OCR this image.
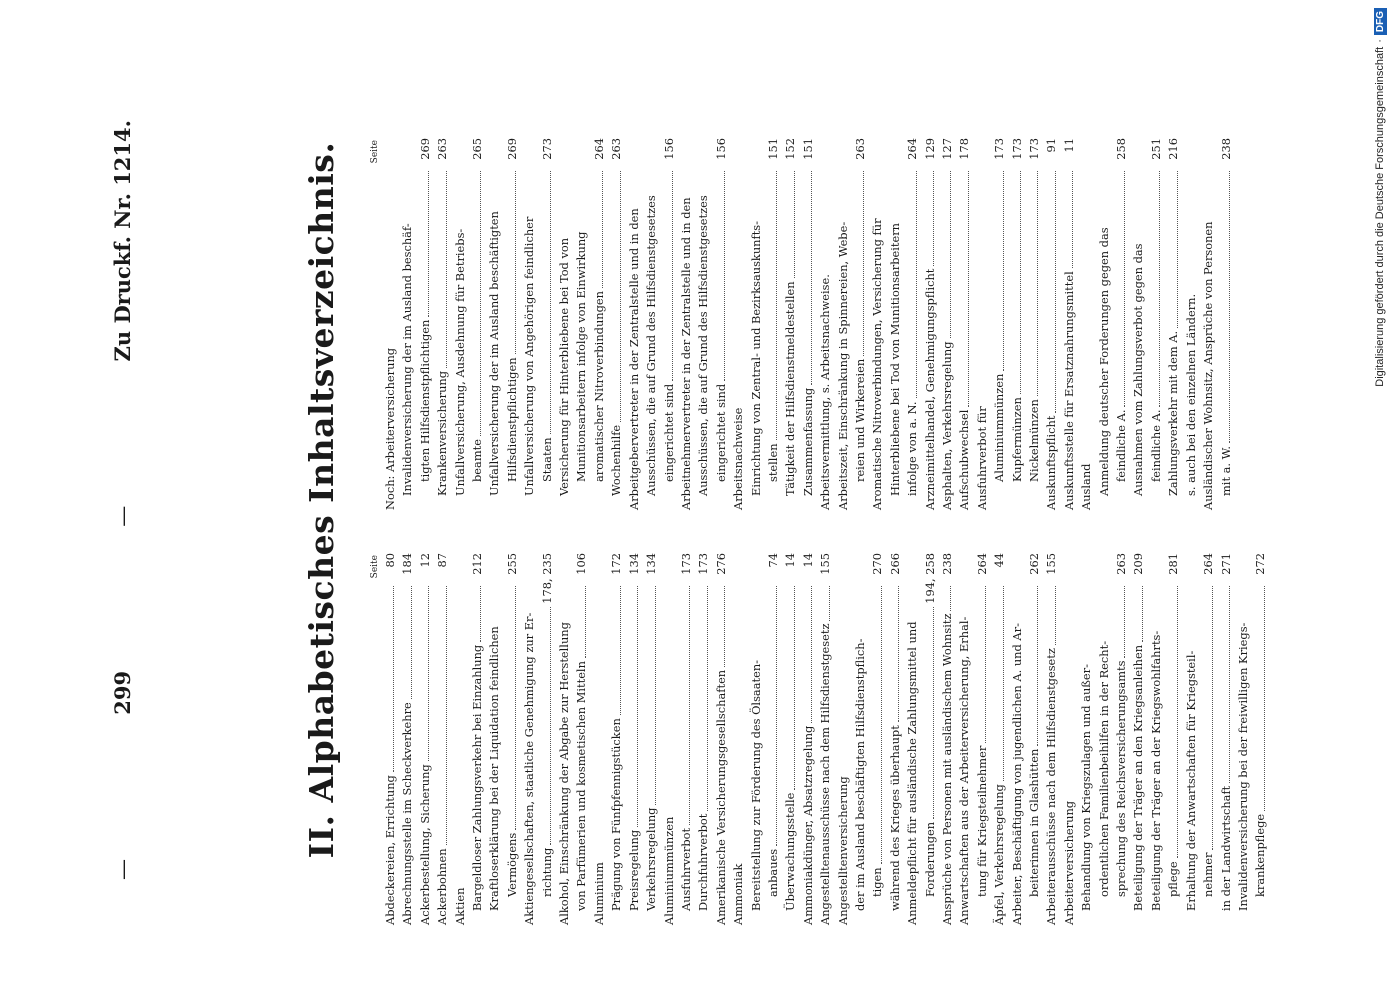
—
299
—
Zu Druckf. Nr. 1214.	II. Alphabetisches Inhaltsverzeichnis.	Seite
Abdeckereien, Errichtung
80
Abrechnungsstelle im Scheckverkehre
184
Ackerbestellung, Sicherung
12
Ackerbohnen
87
Aktien Bargeldloser Zahlungsverkehr bei Einzahlung
212
Kraftloserklärung bei der Liquidation feindlichen Vermögens
255
Aktiengesellschaften, staatliche Genehmigung zur Er- richtung
178, 235
Alkohol, Einschränkung der Abgabe zur Herstellung von Parfümerien und kosmetischen Mitteln
106
Aluminium Prägung von Fünfpfennigstücken
172
Preisregelung
134
Verkehrsregelung
134
Aluminiummünzen Ausfuhrverbot
173
Durchfuhrverbot
173
Amerikanische Versicherungsgesellschaften
276
Ammoniak Bereitstellung zur Förderung des Ölsaaten- anbaues
74
Überwachungsstelle
14
Ammoniakdünger, Absatzregelung
14
Angestelltenausschüsse nach dem Hilfsdienstgesetz
155
Angestelltenversicherung der im Ausland beschäftigten Hilfsdienstpflich- tigen
270
während des Krieges überhaupt
266
Anmeldepflicht für ausländische Zahlungsmittel und Forderungen
194, 258
Ansprüche von Personen mit ausländischem Wohnsitz
238
Anwartschaften aus der Arbeiterversicherung, Erhal- tung für Kriegsteilnehmer
264
Äpfel, Verkehrsregelung
44
Arbeiter, Beschäftigung von jugendlichen A. und Ar- beiterinnen in Glashütten
262
Arbeiterausschüsse nach dem Hilfsdienstgesetz
155
Arbeiterversicherung Behandlung von Kriegszulagen und außer- ordentlichen Familienbeihilfen in der Recht- sprechung des Reichsversicherungsamts
263
Beteiligung der Träger an den Kriegsanleihen
209
Beteiligung der Träger an der Kriegswohlfahrts- pflege
281
Erhaltung der Anwartschaften für Kriegsteil- nehmer
264
in der Landwirtschaft
271
Invalidenversicherung bei der freiwilligen Kriegs- krankenpflege
272
Seite
Noch: Arbeiterversicherung Invalidenversicherung der im Ausland beschäf- tigten Hilfsdienstpflichtigen
269
Krankenversicherung
263
Unfallversicherung, Ausdehnung für Betriebs- beamte
265
Unfallversicherung der im Ausland beschäftigten Hilfsdienstpflichtigen
269
Unfallversicherung von Angehörigen feindlicher Staaten
273
Versicherung für Hinterbliebene bei Tod von Munitionsarbeitern infolge von Einwirkung aromatischer Nitroverbindungen
264
Wochenhilfe
263
Arbeitgebervertreter in der Zentralstelle und in den Ausschüssen, die auf Grund des Hilfsdienstgesetzes eingerichtet sind
156
Arbeitnehmervertreter in der Zentralstelle und in den Ausschüssen, die auf Grund des Hilfsdienstgesetzes eingerichtet sind
156
Arbeitsnachweise Einrichtung von Zentral- und Bezirksauskunfts- stellen
151
Tätigkeit der Hilfsdienstmeldestellen
152
Zusammenfassung
151
Arbeitsvermittlung, s. Arbeitsnachweise. Arbeitszeit, Einschränkung in Spinnereien, Webe- reien und Wirkereien
263
Aromatische Nitroverbindungen, Versicherung für Hinterbliebene bei Tod von Munitionsarbeitern infolge von a. N.
264
Arzneimittelhandel, Genehmigungspflicht
129
Asphalten, Verkehrsregelung
127
Aufschubwechsel
178
Ausfuhrverbot für Aluminiummünzen
173
Kupfermünzen
173
Nickelmünzen
173
Auskunftspflicht
91
Auskunftsstelle für Ersatznahrungsmittel
11
Ausland Anmeldung deutscher Forderungen gegen das feindliche A.
258
Ausnahmen vom Zahlungsverbot gegen das feindliche A.
251
Zahlungsverkehr mit dem A.
216
s. auch bei den einzelnen Ländern. Ausländischer Wohnsitz, Ansprüche von Personen mit a. W.
238	Digitalisierung gefördert durch die Deutsche Forschungsgemeinschaft
·
DFG
